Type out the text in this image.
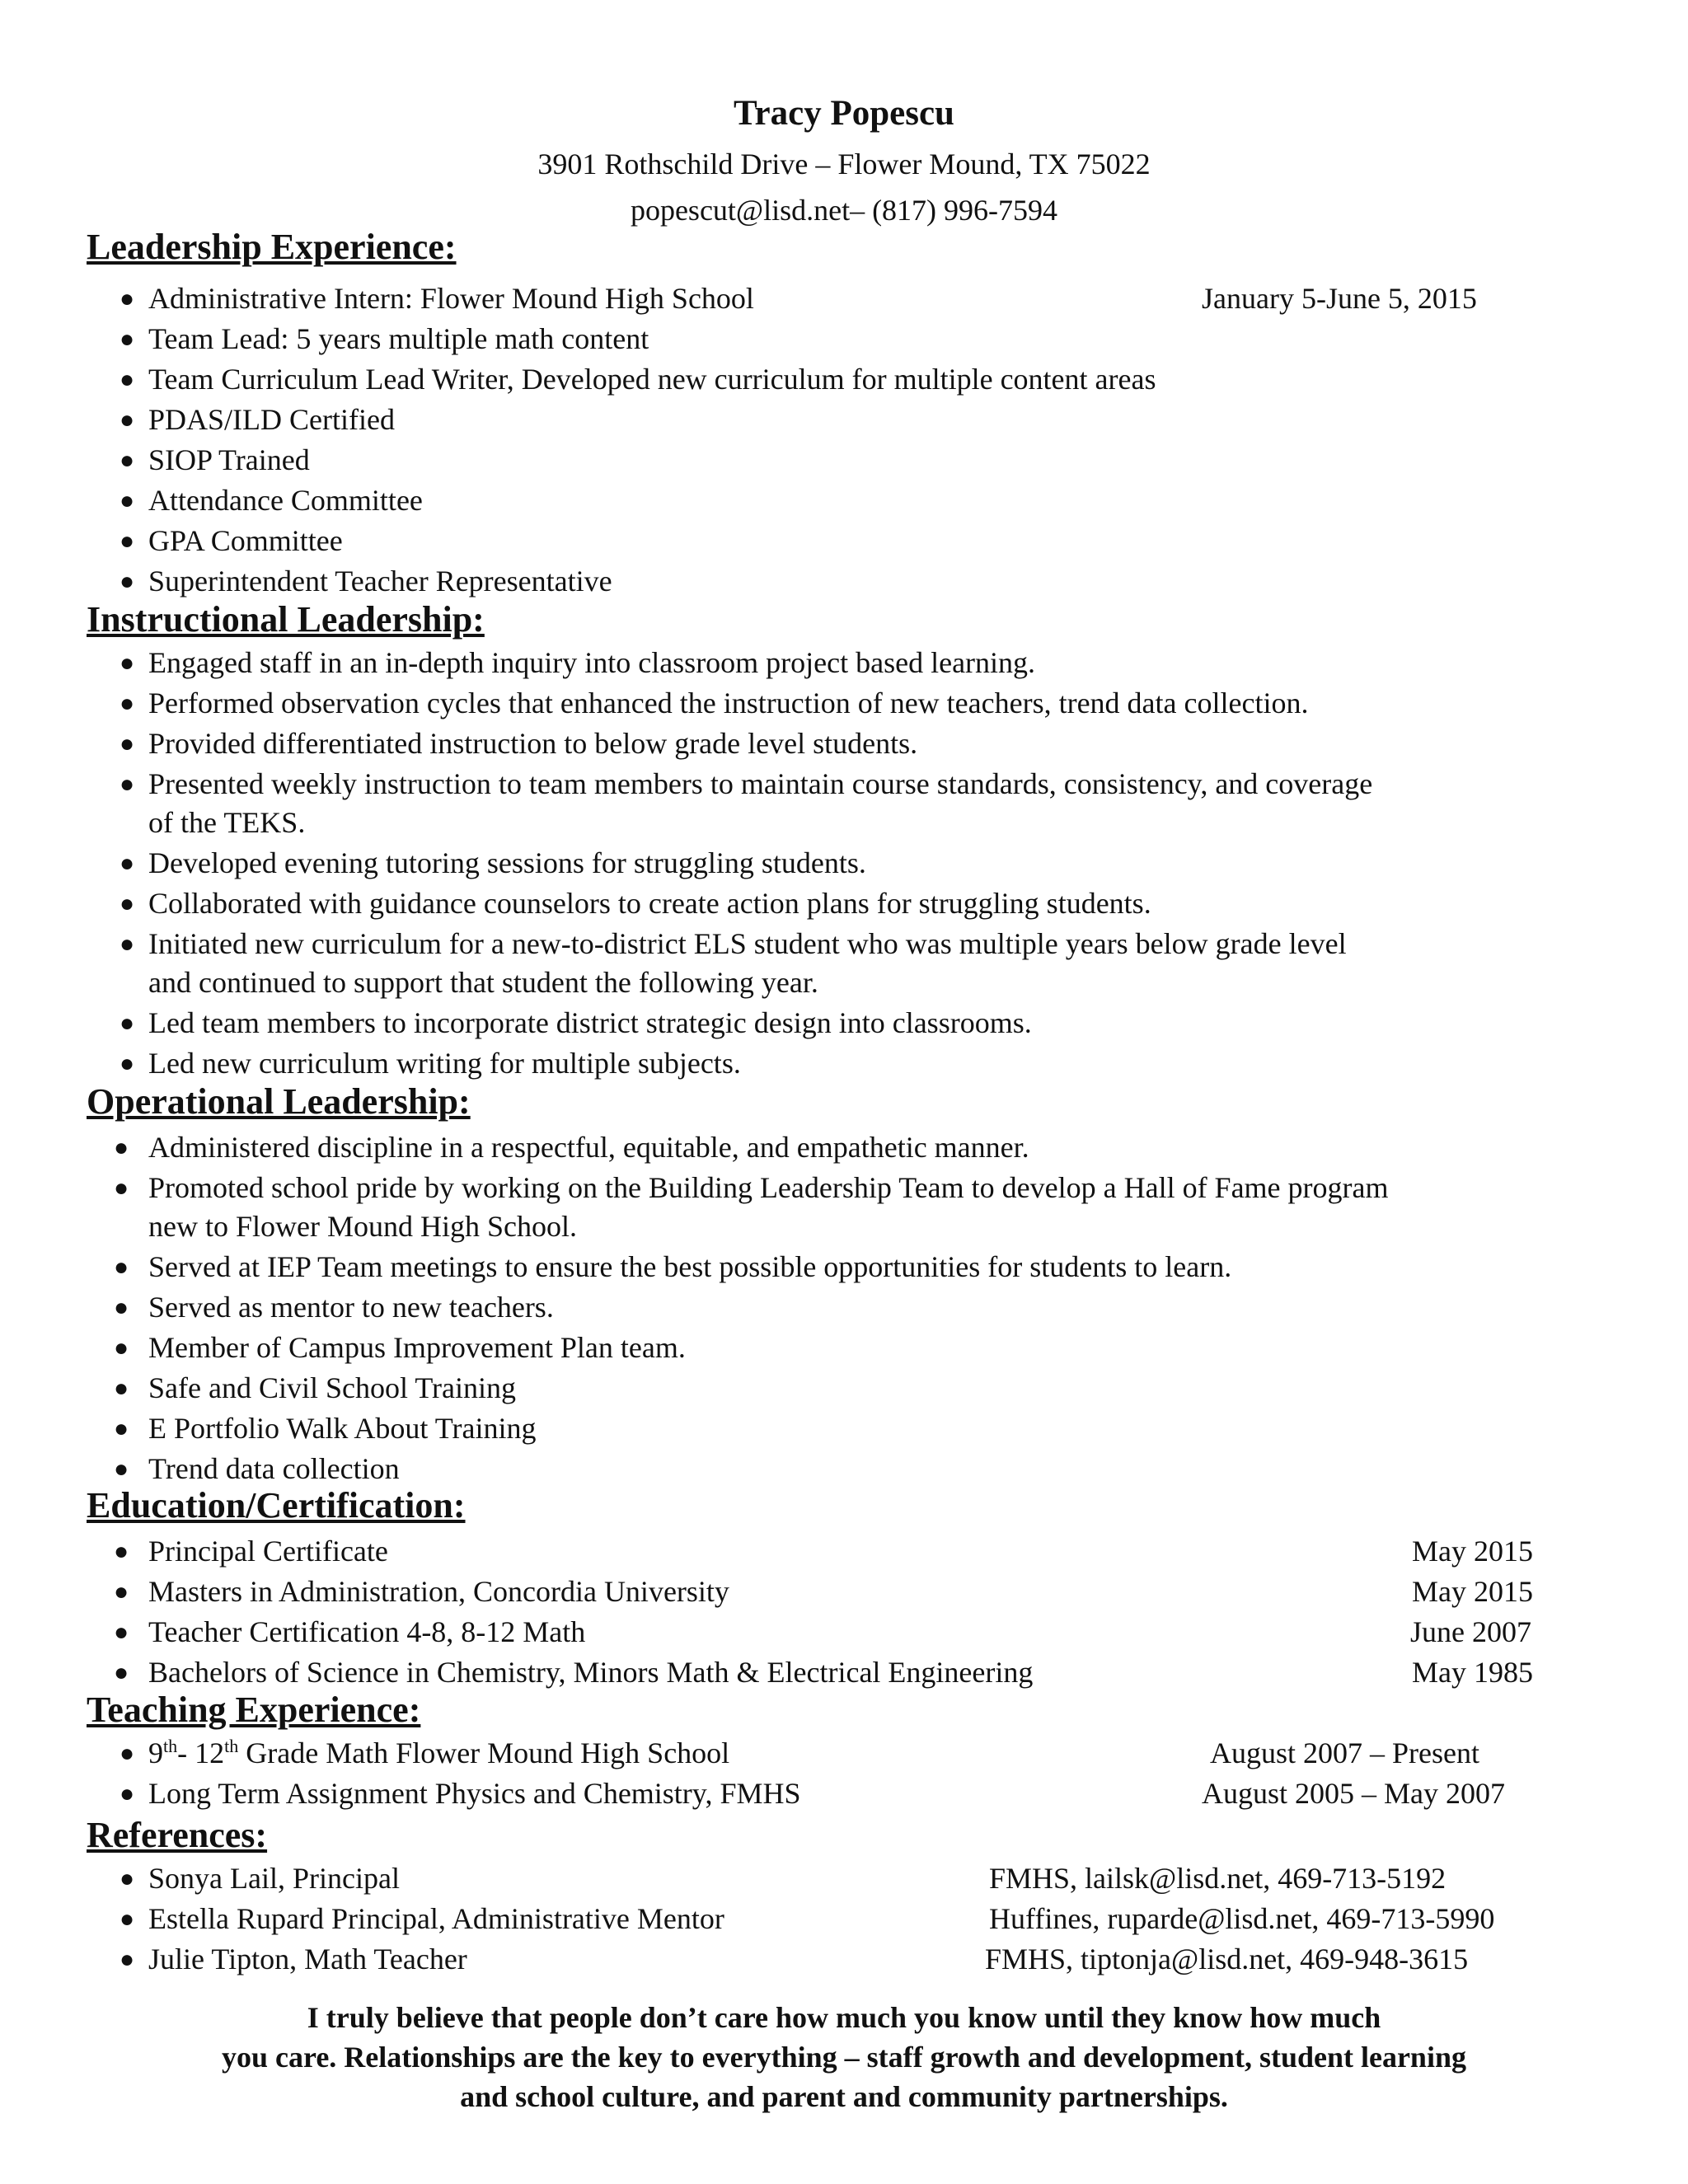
Tracy Popescu
3901 Rothschild Drive – Flower Mound, TX 75022
popescut@lisd.net– (817) 996-7594
Leadership Experience:
● Administrative Intern: Flower Mound High School	January 5-June 5, 2015
● Team Lead: 5 years multiple math content
● Team Curriculum Lead Writer, Developed new curriculum for multiple content areas
● PDAS/ILD Certified
● SIOP Trained
● Attendance Committee
● GPA Committee
● Superintendent Teacher Representative
Instructional Leadership:
● Engaged staff in an in-depth inquiry into classroom project based learning.
● Performed observation cycles that enhanced the instruction of new teachers, trend data collection.
● Provided differentiated instruction to below grade level students.
● Presented weekly instruction to team members to maintain course standards, consistency, and coverage
of the TEKS.
● Developed evening tutoring sessions for struggling students.
● Collaborated with guidance counselors to create action plans for struggling students.
● Initiated new curriculum for a new-to-district ELS student who was multiple years below grade level
and continued to support that student the following year.
● Led team members to incorporate district strategic design into classrooms.
● Led new curriculum writing for multiple subjects.
Operational Leadership:
● Administered discipline in a respectful, equitable, and empathetic manner.
● Promoted school pride by working on the Building Leadership Team to develop a Hall of Fame program
new to Flower Mound High School.
● Served at IEP Team meetings to ensure the best possible opportunities for students to learn.
● Served as mentor to new teachers.
● Member of Campus Improvement Plan team.
● Safe and Civil School Training
● E Portfolio Walk About Training
● Trend data collection
Education/Certification:
● Principal Certificate	May 2015
● Masters in Administration, Concordia University	May 2015
● Teacher Certification 4-8, 8-12 Math	June 2007
● Bachelors of Science in Chemistry, Minors Math & Electrical Engineering	May 1985
Teaching Experience:
● 9th- 12th Grade Math Flower Mound High School	August 2007 – Present
● Long Term Assignment Physics and Chemistry, FMHS	August 2005 – May 2007
References:
● Sonya Lail, Principal	FMHS, lailsk@lisd.net, 469-713-5192
● Estella Rupard Principal, Administrative Mentor	Huffines, ruparde@lisd.net, 469-713-5990
● Julie Tipton, Math Teacher	FMHS, tiptonja@lisd.net, 469-948-3615

I truly believe that people don’t care how much you know until they know how much
you care. Relationships are the key to everything – staff growth and development, student learning
and school culture, and parent and community partnerships.
